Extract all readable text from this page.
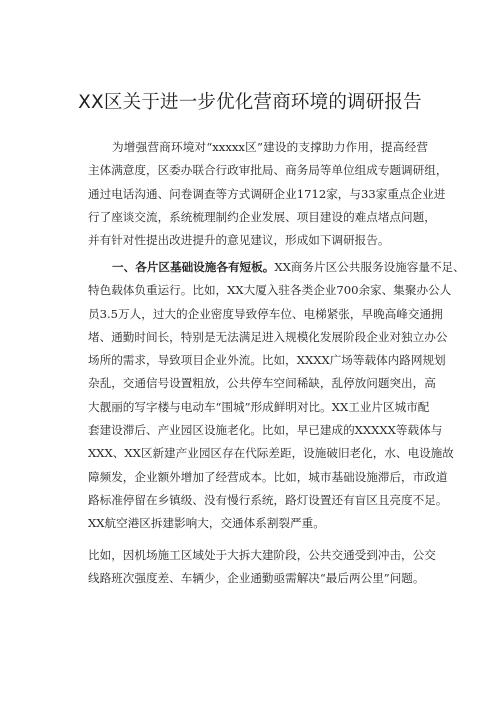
XX区关于进一步优化营商环境的调研报告
为增强营商环境对“xxxxx区”建设的支撑助力作用，提高经营
主体满意度，区委办联合行政审批局、商务局等单位组成专题调研组，
通过电话沟通、问卷调查等方式调研企业1712家，与33家重点企业进
行了座谈交流，系统梳理制约企业发展、项目建设的难点堵点问题，
并有针对性提出改进提升的意见建议，形成如下调研报告。
一、各片区基础设施各有短板。XX商务片区公共服务设施容量不足、
特色载体负重运行。比如，XX大厦入驻各类企业700余家、集聚办公人
员3.5万人，过大的企业密度导致停车位、电梯紧张，早晚高峰交通拥
堵、通勤时间长，特别是无法满足进入规模化发展阶段企业对独立办公
场所的需求，导致项目企业外流。比如，XXXX广场等载体内路网规划
杂乱，交通信号设置粗放，公共停车空间稀缺，乱停放问题突出，高
大靓丽的写字楼与电动车“围城”形成鲜明对比。XX工业片区城市配
套建设滞后、产业园区设施老化。比如，早已建成的XXXXX等载体与
XXX、XX区新建产业园区存在代际差距，设施破旧老化，水、电设施故
障频发，企业额外增加了经营成本。比如，城市基础设施滞后，市政道
路标准停留在乡镇级、没有慢行系统，路灯设置还有盲区且亮度不足。
XX航空港区拆建影响大，交通体系割裂严重。
比如，因机场施工区域处于大拆大建阶段，公共交通受到冲击，公交
线路班次强度差、车辆少，企业通勤亟需解决“最后两公里”问题。
